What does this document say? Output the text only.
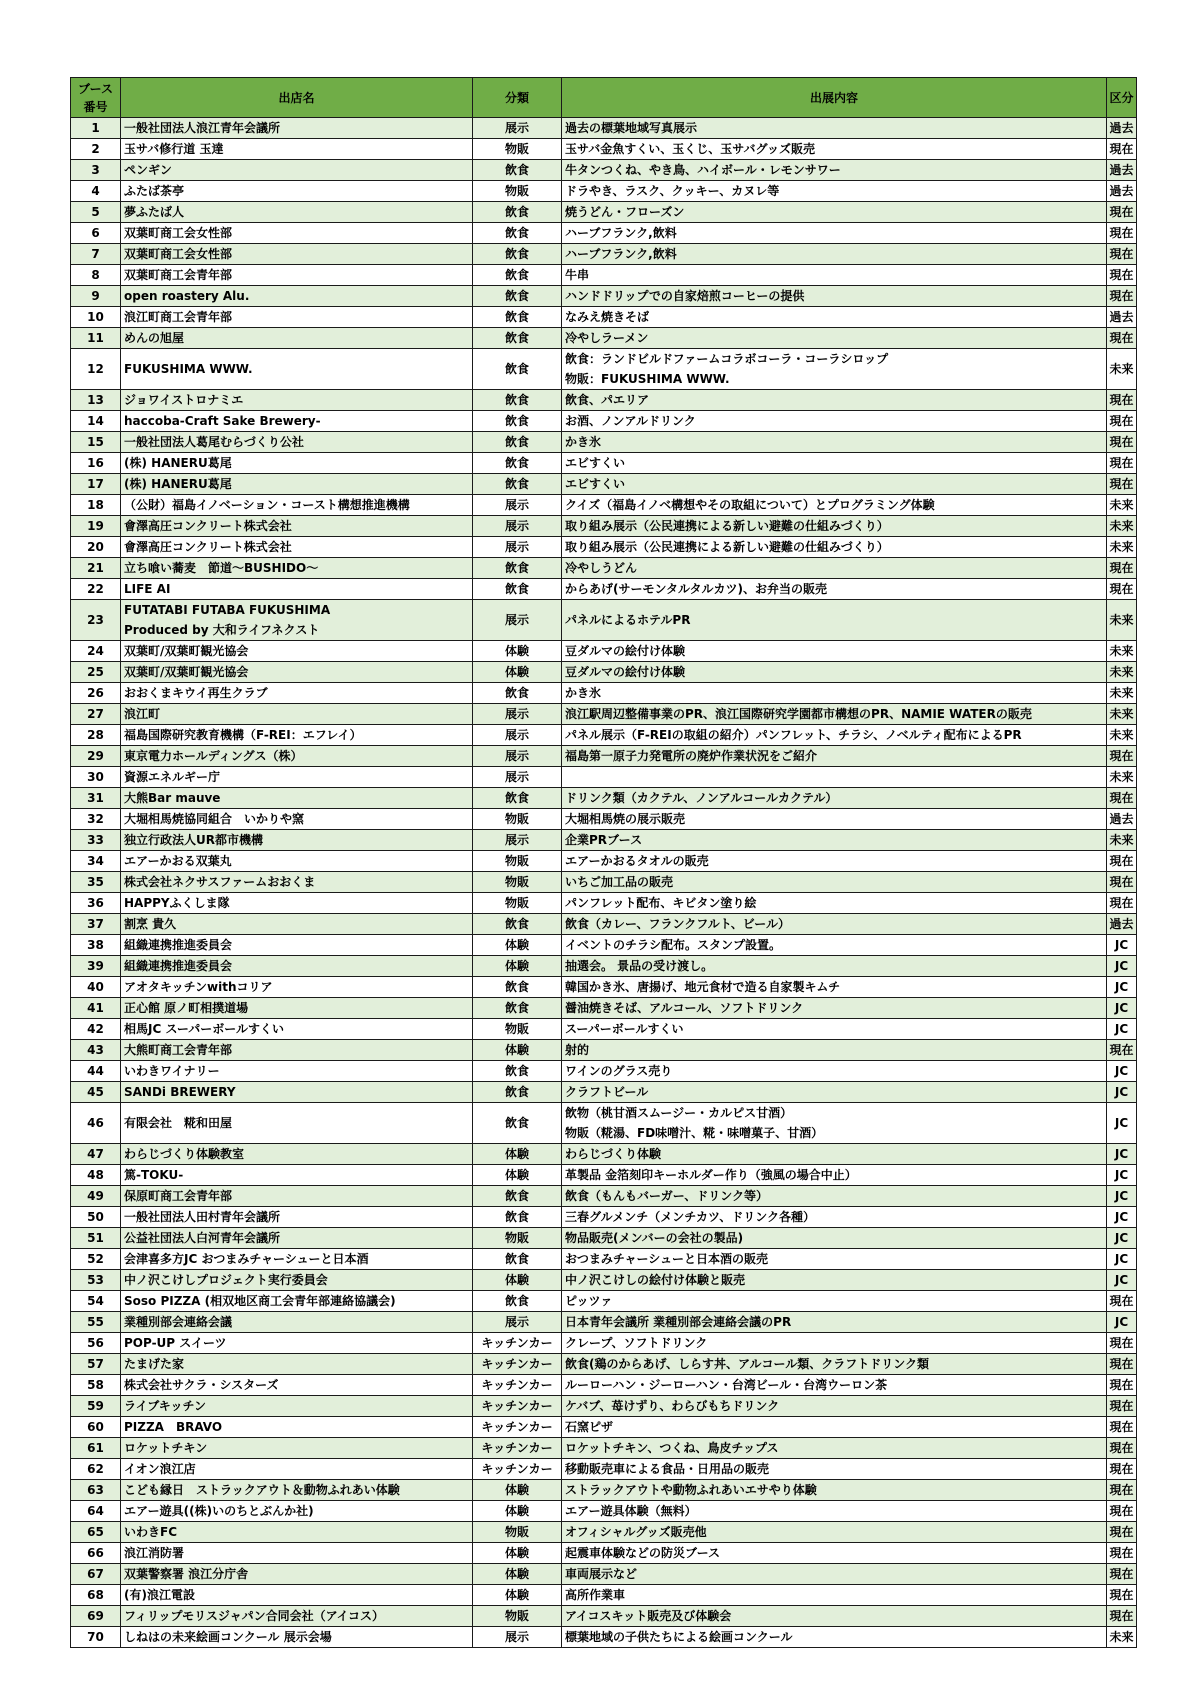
ブース
番号	出店名	分類	出展内容	区分
1	一般社団法人浪江青年会議所	展示	過去の標葉地域写真展示	過去
2	玉サバ修行道 玉達	物販	玉サバ金魚すくい、玉くじ、玉サバグッズ販売	現在
3	ペンギン	飲食	牛タンつくね、やき鳥、ハイボール・レモンサワー	過去
4	ふたば茶亭	物販	ドラやき、ラスク、クッキー、カヌレ等	過去
5	夢ふたば人	飲食	焼うどん・フローズン	現在
6	双葉町商工会女性部	飲食	ハーブフランク,飲料	現在
7	双葉町商工会女性部	飲食	ハーブフランク,飲料	現在
8	双葉町商工会青年部	飲食	牛串	現在
9	open roastery Alu.	飲食	ハンドドリップでの自家焙煎コーヒーの提供	現在
10	浪江町商工会青年部	飲食	なみえ焼きそば	過去
11	めんの旭屋	飲食	冷やしラーメン	現在
12	FUKUSHIMA WWW.	飲食	飲食：ランドビルドファームコラボコーラ・コーラシロップ
物販：FUKUSHIMA WWW.	未来
13	ジョワイストロナミエ	飲食	飲食、パエリア	現在
14	haccoba-Craft Sake Brewery-	飲食	お酒、ノンアルドリンク	現在
15	一般社団法人葛尾むらづくり公社	飲食	かき氷	現在
16	(株) HANERU葛尾	飲食	エビすくい	現在
17	(株) HANERU葛尾	飲食	エビすくい	現在
18	（公財）福島イノベーション・コースト構想推進機構	展示	クイズ（福島イノベ構想やその取組について）とプログラミング体験	未来
19	會澤高圧コンクリート株式会社	展示	取り組み展示（公民連携による新しい避難の仕組みづくり）	未来
20	會澤高圧コンクリート株式会社	展示	取り組み展示（公民連携による新しい避難の仕組みづくり）	未来
21	立ち喰い蕎麦　節道～BUSHIDO～	飲食	冷やしうどん	現在
22	LIFE AI	飲食	からあげ(サーモンタルタルカツ)、お弁当の販売	現在
23	FUTATABI FUTABA FUKUSHIMA
Produced by 大和ライフネクスト	展示	パネルによるホテルPR	未来
24	双葉町/双葉町観光協会	体験	豆ダルマの絵付け体験	未来
25	双葉町/双葉町観光協会	体験	豆ダルマの絵付け体験	未来
26	おおくまキウイ再生クラブ	飲食	かき氷	未来
27	浪江町	展示	浪江駅周辺整備事業のPR、浪江国際研究学園都市構想のPR、NAMIE WATERの販売	未来
28	福島国際研究教育機構（F-REI：エフレイ）	展示	パネル展示（F-REIの取組の紹介）パンフレット、チラシ、ノベルティ配布によるPR	未来
29	東京電力ホールディングス（株）	展示	福島第一原子力発電所の廃炉作業状況をご紹介	現在
30	資源エネルギー庁	展示		未来
31	大熊Bar mauve	飲食	ドリンク類（カクテル、ノンアルコールカクテル）	現在
32	大堀相馬焼協同組合　いかりや窯	物販	大堀相馬焼の展示販売	過去
33	独立行政法人UR都市機構	展示	企業PRブース	未来
34	エアーかおる双葉丸	物販	エアーかおるタオルの販売	現在
35	株式会社ネクサスファームおおくま	物販	いちご加工品の販売	現在
36	HAPPYふくしま隊	物販	パンフレット配布、キビタン塗り絵	現在
37	割烹 貴久	飲食	飲食（カレー、フランクフルト、ビール）	過去
38	組織連携推進委員会	体験	イベントのチラシ配布。スタンプ設置。	JC
39	組織連携推進委員会	体験	抽選会。 景品の受け渡し。	JC
40	アオタキッチンwithコリア	飲食	韓国かき氷、唐揚げ、地元食材で造る自家製キムチ	JC
41	正心館 原ノ町相撲道場	飲食	醤油焼きそば、アルコール、ソフトドリンク	JC
42	相馬JC スーパーボールすくい	物販	スーパーボールすくい	JC
43	大熊町商工会青年部	体験	射的	現在
44	いわきワイナリー	飲食	ワインのグラス売り	JC
45	SANDi BREWERY	飲食	クラフトビール	JC
46	有限会社　糀和田屋	飲食	飲物（桃甘酒スムージー・カルピス甘酒）
物販（糀湯、FD味噌汁、糀・味噌菓子、甘酒）	JC
47	わらじづくり体験教室	体験	わらじづくり体験	JC
48	篤-TOKU-	体験	革製品 金箔刻印キーホルダー作り（強風の場合中止）	JC
49	保原町商工会青年部	飲食	飲食（もんもバーガー、ドリンク等）	JC
50	一般社団法人田村青年会議所	飲食	三春グルメンチ（メンチカツ、ドリンク各種）	JC
51	公益社団法人白河青年会議所	物販	物品販売(メンバーの会社の製品)	JC
52	会津喜多方JC おつまみチャーシューと日本酒	飲食	おつまみチャーシューと日本酒の販売	JC
53	中ノ沢こけしプロジェクト実行委員会	体験	中ノ沢こけしの絵付け体験と販売	JC
54	Soso PIZZA (相双地区商工会青年部連絡協議会)	飲食	ピッツァ	現在
55	業種別部会連絡会議	展示	日本青年会議所 業種別部会連絡会議のPR	JC
56	POP-UP スイーツ	キッチンカー	クレープ、ソフトドリンク	現在
57	たまげた家	キッチンカー	飲食(鶏のからあげ、しらす丼、アルコール類、クラフトドリンク類	現在
58	株式会社サクラ・シスターズ	キッチンカー	ルーローハン・ジーローハン・台湾ビール・台湾ウーロン茶	現在
59	ライブキッチン	キッチンカー	ケバブ、苺けずり、わらびもちドリンク	現在
60	PIZZA　BRAVO	キッチンカー	石窯ピザ	現在
61	ロケットチキン	キッチンカー	ロケットチキン、つくね、鳥皮チップス	現在
62	イオン浪江店	キッチンカー	移動販売車による食品・日用品の販売	現在
63	こども縁日　ストラックアウト＆動物ふれあい体験	体験	ストラックアウトや動物ふれあいエサやり体験	現在
64	エアー遊具((株)いのちとぶんか社)	体験	エアー遊具体験（無料）	現在
65	いわきFC	物販	オフィシャルグッズ販売他	現在
66	浪江消防署	体験	起震車体験などの防災ブース	現在
67	双葉警察署 浪江分庁舎	体験	車両展示など	現在
68	(有)浪江電設	体験	高所作業車	現在
69	フィリップモリスジャパン合同会社（アイコス）	物販	アイコスキット販売及び体験会	現在
70	しねはの未来絵画コンクール 展示会場	展示	標葉地域の子供たちによる絵画コンクール	未来
